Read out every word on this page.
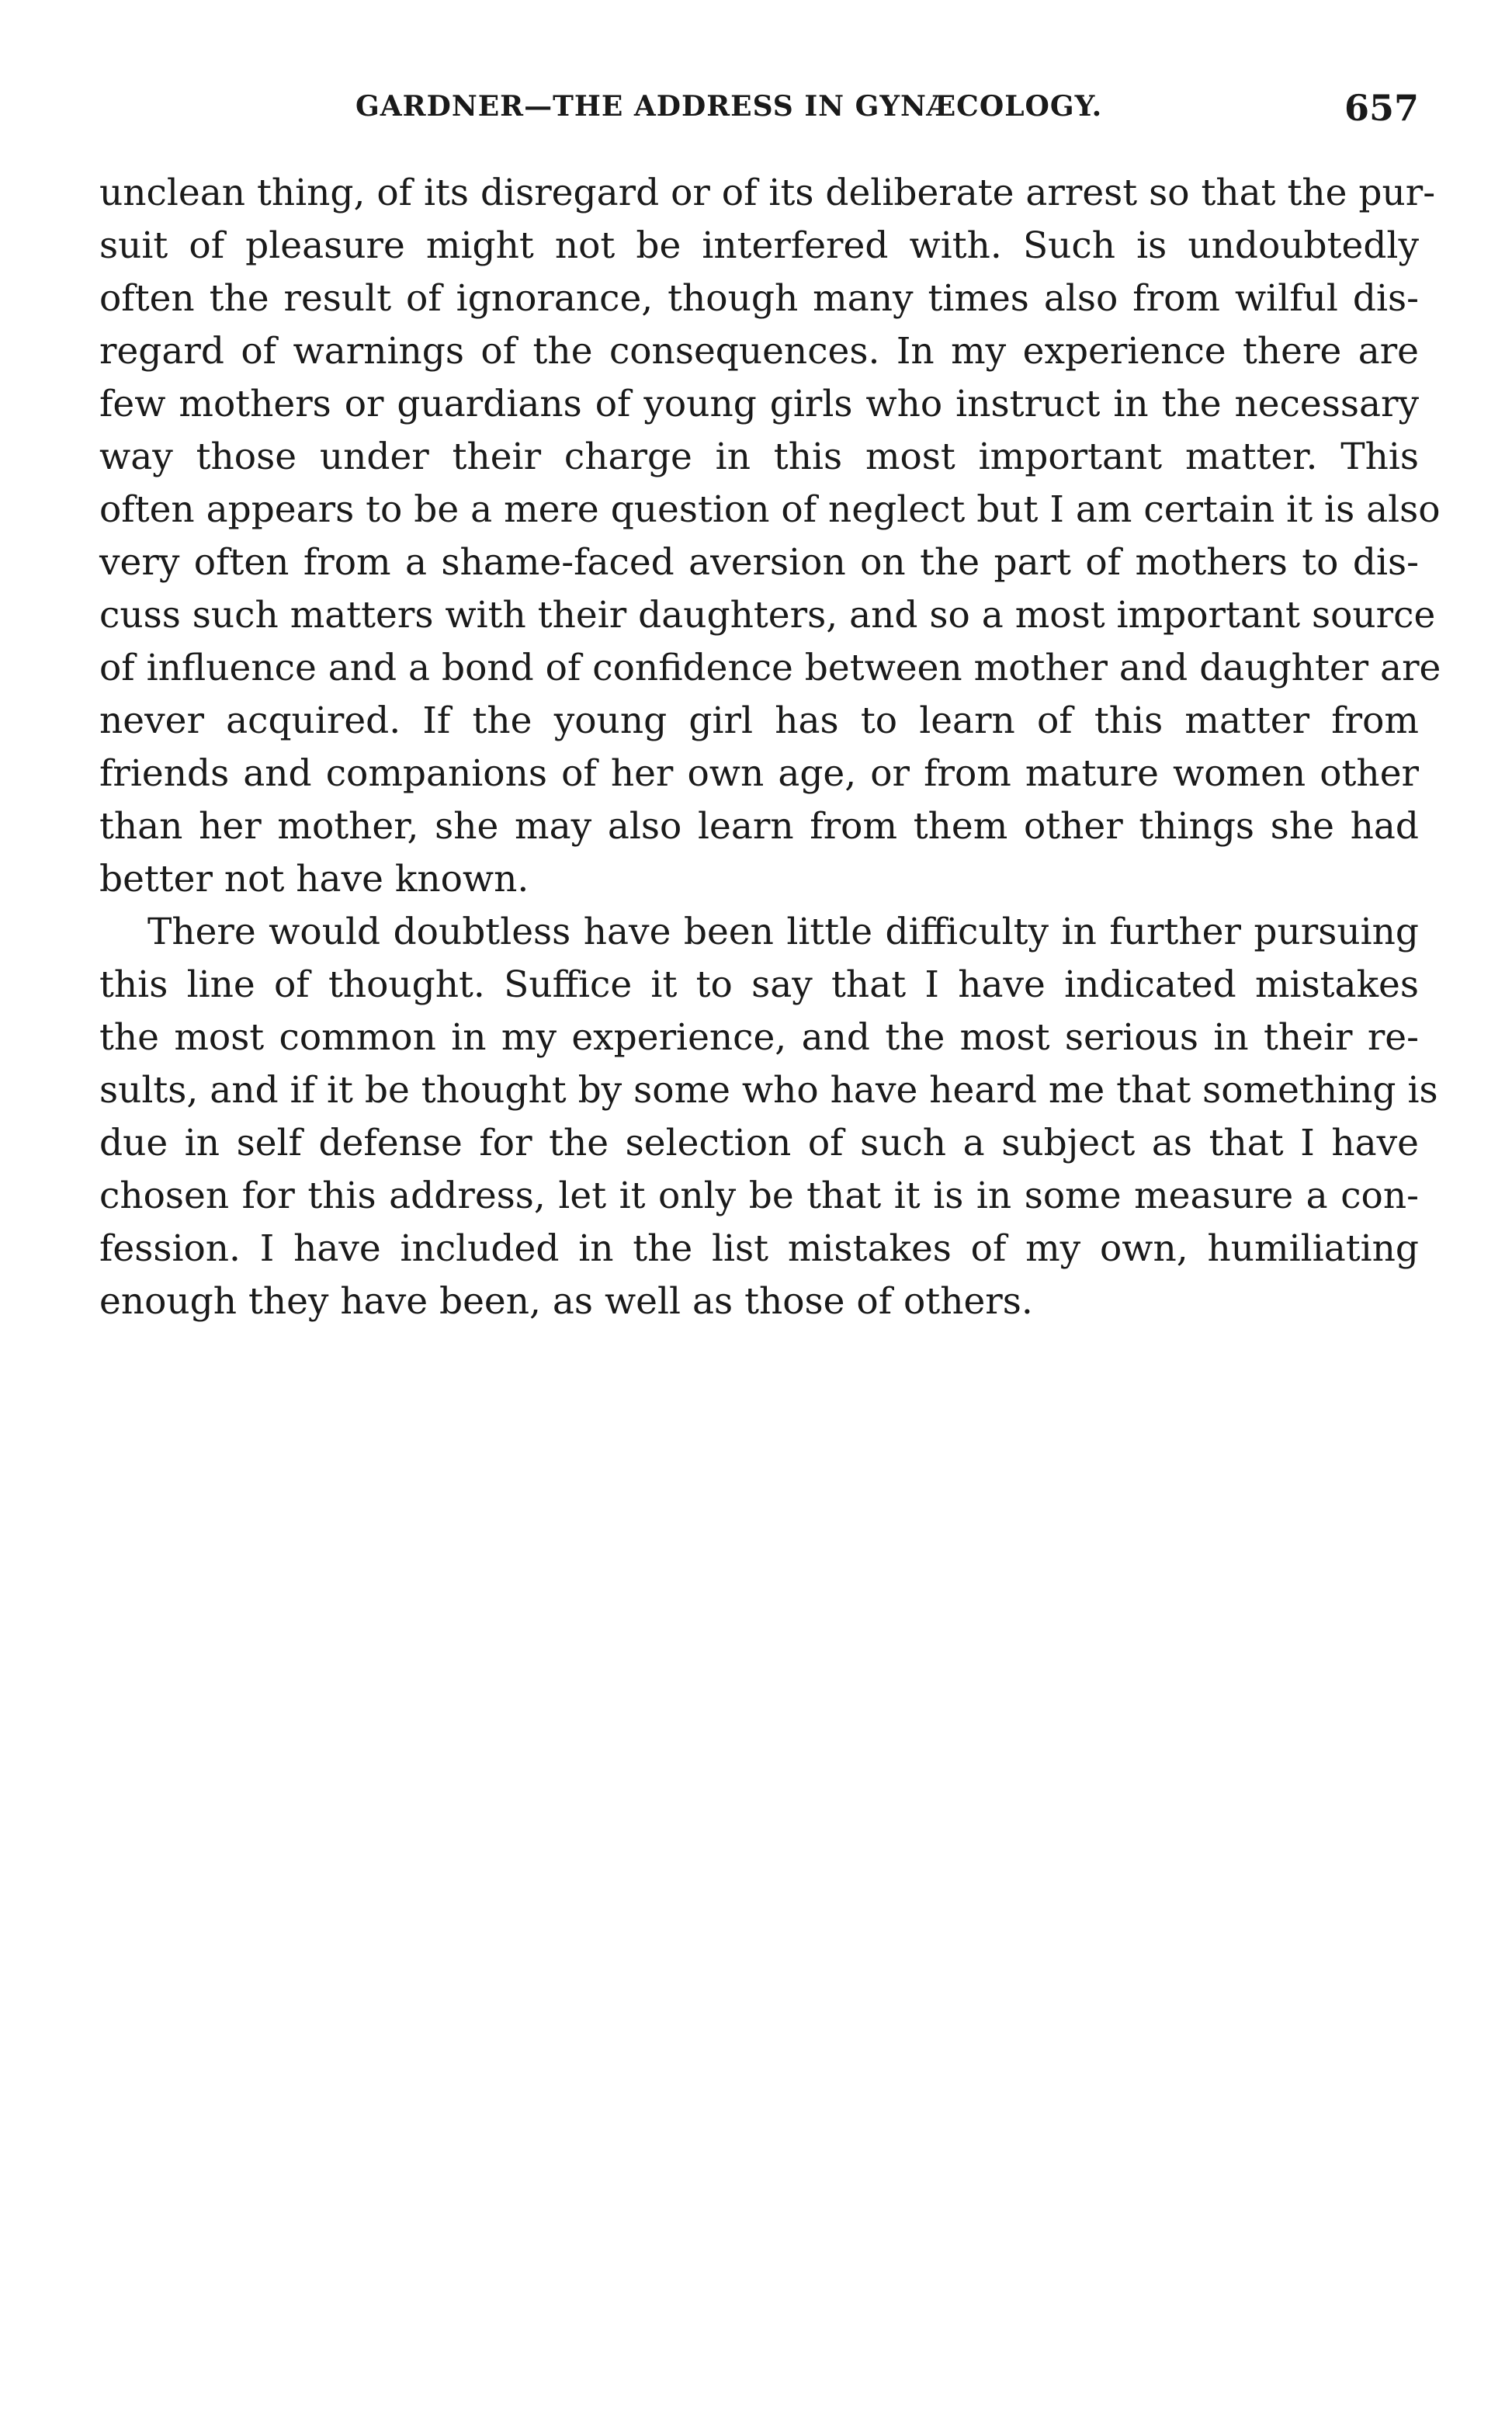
GARDNER—THE ADDRESS IN GYNÆCOLOGY.	657
unclean thing, of its disregard or of its deliberate arrest so that the pur-
suit of pleasure might not be interfered with. Such is undoubtedly
often the result of ignorance, though many times also from wilful dis-
regard of warnings of the consequences. In my experience there are
few mothers or guardians of young girls who instruct in the necessary
way those under their charge in this most important matter. This
often appears to be a mere question of neglect but I am certain it is also
very often from a shame-faced aversion on the part of mothers to dis-
cuss such matters with their daughters, and so a most important source
of influence and a bond of confidence between mother and daughter are
never acquired. If the young girl has to learn of this matter from
friends and companions of her own age, or from mature women other
than her mother, she may also learn from them other things she had
better not have known.
There would doubtless have been little difficulty in further pursuing
this line of thought. Suffice it to say that I have indicated mistakes
the most common in my experience, and the most serious in their re-
sults, and if it be thought by some who have heard me that something is
due in self defense for the selection of such a subject as that I have
chosen for this address, let it only be that it is in some measure a con-
fession. I have included in the list mistakes of my own, humiliating
enough they have been, as well as those of others.
